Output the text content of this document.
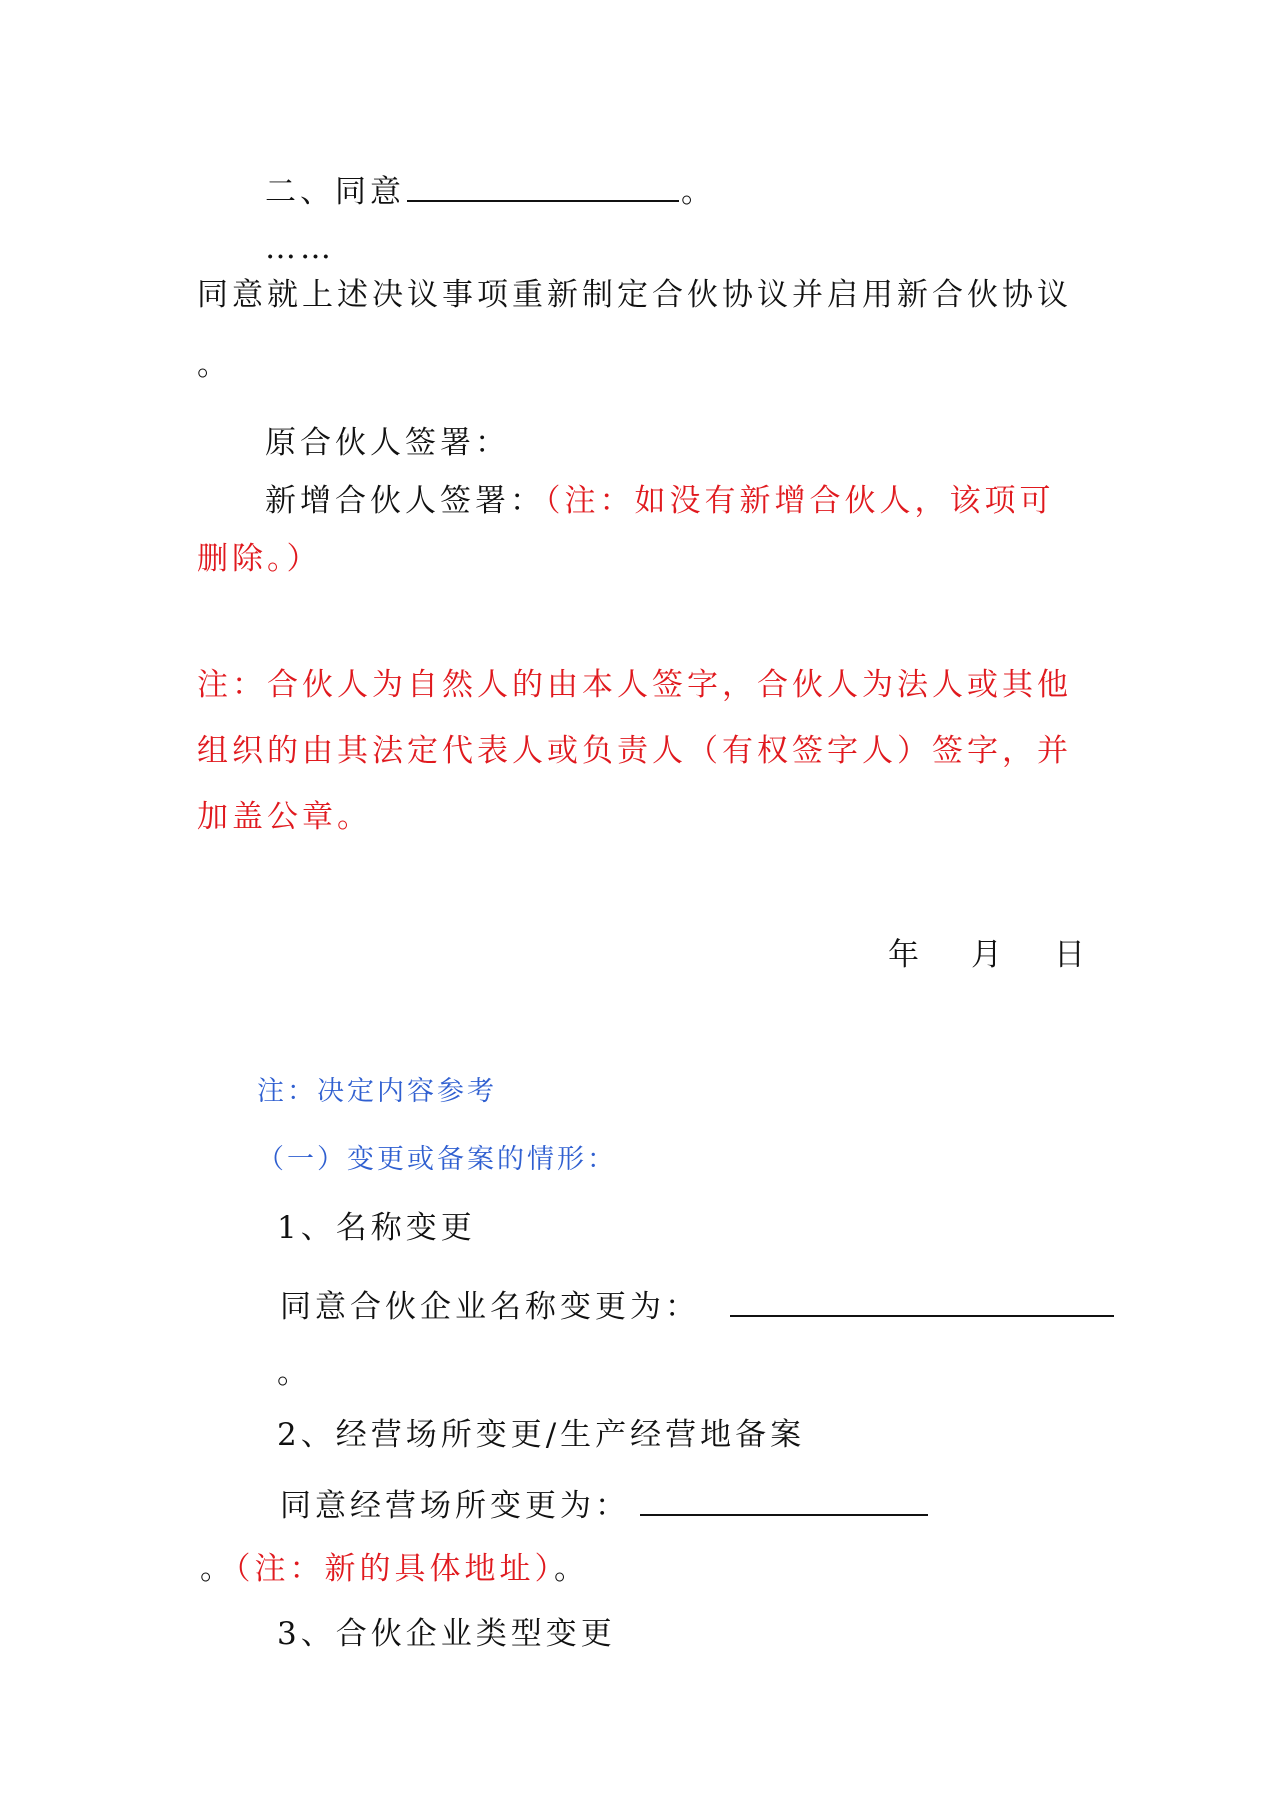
二、同意	。
……
同意就上述决议事项重新制定合伙协议并启用新合伙协议
。
原合伙人签署：
新增合伙人签署：（注：如没有新增合伙人，该项可
删除。）
注：合伙人为自然人的由本人签字，合伙人为法人或其他
组织的由其法定代表人或负责人（有权签字人）签字，并
加盖公章。
年 月 日
注：决定内容参考
（一）变更或备案的情形：
1、名称变更
同意合伙企业名称变更为：
。
2、经营场所变更/生产经营地备案
同意经营场所变更为：
。（注：新的具体地址）。
3、合伙企业类型变更
